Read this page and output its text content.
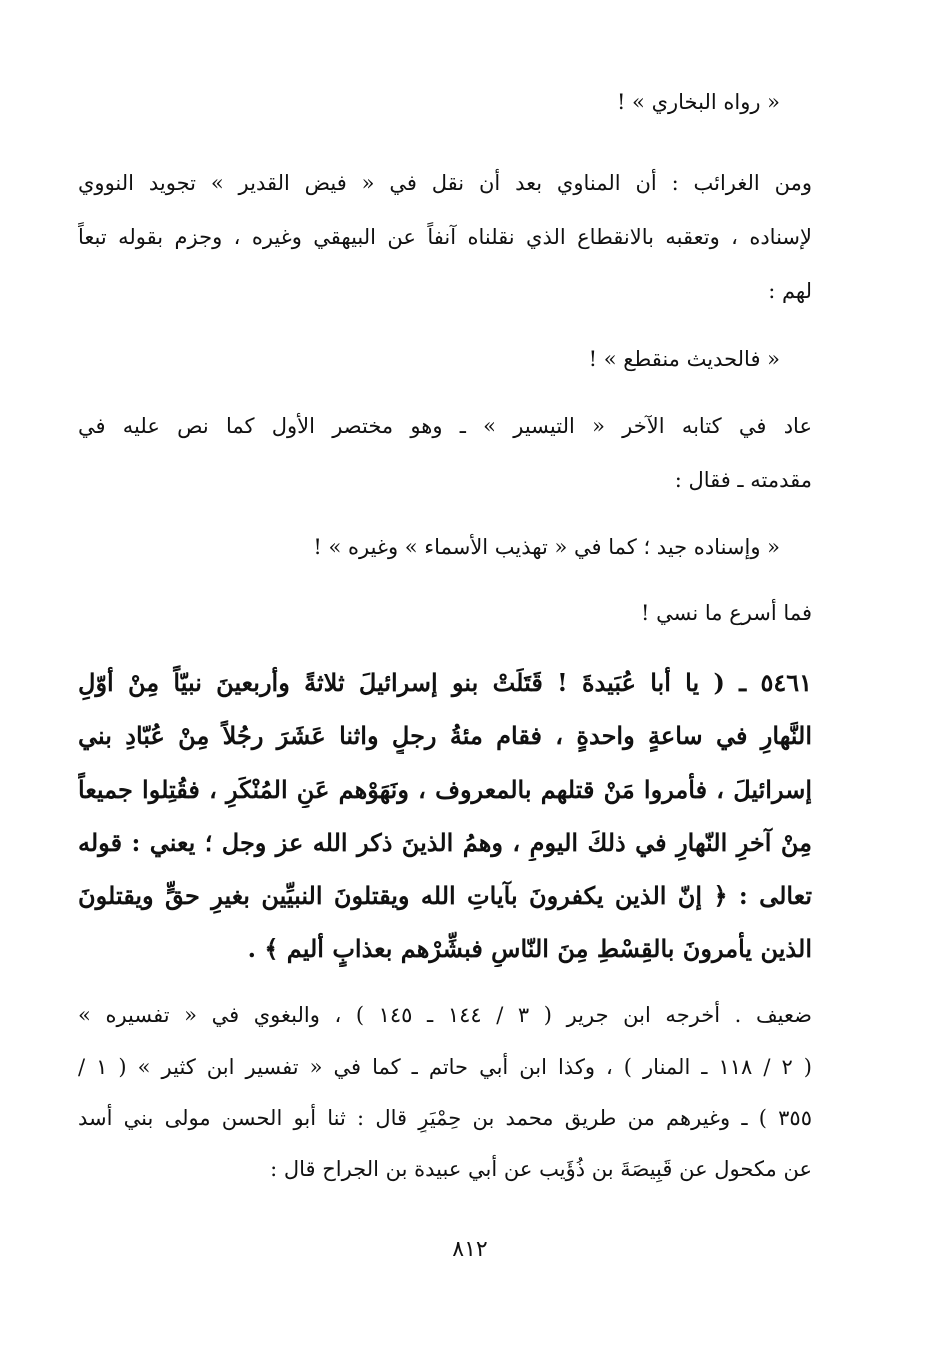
« رواه البخاري » !

ومن الغرائب : أن المناوي بعد أن نقل في « فيض القدير » تجويد النووي

لإسناده ، وتعقبه بالانقطاع الذي نقلناه آنفاً عن البيهقي وغيره ، وجزم بقوله تبعاً

لهم :

« فالحديث منقطع » !

عاد في كتابه الآخر « التيسير » ـ وهو مختصر الأول كما نص عليه في

مقدمته ـ فقال :

« وإسناده جيد ؛ كما في « تهذيب الأسماء » وغيره » !

فما أسرع ما نسي !

٥٤٦١ ـ ( يا أبا عُبَيدةَ ! قَتَلَتْ بنو إسرائيلَ ثلاثةً وأربعينَ نبيّاً مِنْ أوّلِ

النَّهارِ في ساعةٍ واحدةٍ ، فقام مئةُ رجلٍ واثنا عَشَرَ رجُلاً مِنْ عُبّادِ بني

إسرائيلَ ، فأمروا مَنْ قتلهم بالمعروف ، ونَهَوْهم عَنِ المُنْكَرِ ، فقُتِلوا جميعاً

مِنْ آخرِ النّهارِ في ذلكَ اليومِ ، وهمُ الذينَ ذكر الله عز وجل ؛ يعني : قوله

تعالى : ﴿ إنّ الذين يكفرونَ بآياتِ الله ويقتلونَ النبيِّين بغيرِ حقٍّ ويقتلونَ

الذين يأمرونَ بالقِسْطِ مِنَ النّاسِ فبشِّرْهم بعذابٍ أليم ﴾ .

ضعيف . أخرجه ابن جرير ( ٣ / ١٤٤ ـ ١٤٥ ) ، والبغوي في « تفسيره »

( ٢ / ١١٨ ـ المنار ) ، وكذا ابن أبي حاتم ـ كما في « تفسير ابن كثير » ( ١ /

٣٥٥ ) ـ وغيرهم من طريق محمد بن حِمْيَرٍ قال : ثنا أبو الحسن مولى بني أسد

عن مكحول عن قَبِيصَةَ بن ذُؤَيب عن أبي عبيدة بن الجراح قال :

٨١٢
